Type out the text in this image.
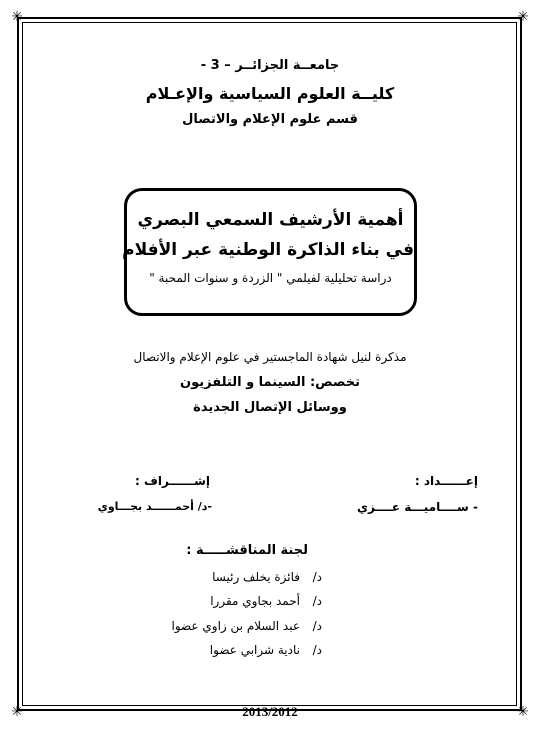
✳	✳
✳	✳
جامعــة الجزائــر – 3 -
كليــة العلوم السياسية والإعـلام
قسم علوم الإعلام والاتصال
أهمية الأرشيف السمعي البصري
في بناء الذاكرة الوطنية عبر الأفلام
دراسة تحليلية لفيلمي " الزردة و سنوات المحبة "
مذكرة لنيل شهادة الماجستير في علوم الإعلام والاتصال
تخصص: السينما و التلفزيون
ووسائل الإتصال الجديدة
إعــــــداد :
- ســــاميـــة عــــزي
إشــــــراف :
-د/ أحمــــــد بجـــاوي
لجنة المناقشـــــة :
د/
فائزة يخلف رئيسا
د/
أحمد بجاوي مقررا
د/
عبد السلام بن زاوي عضوا
د/
نادية شرابي عضوا
2013/2012
